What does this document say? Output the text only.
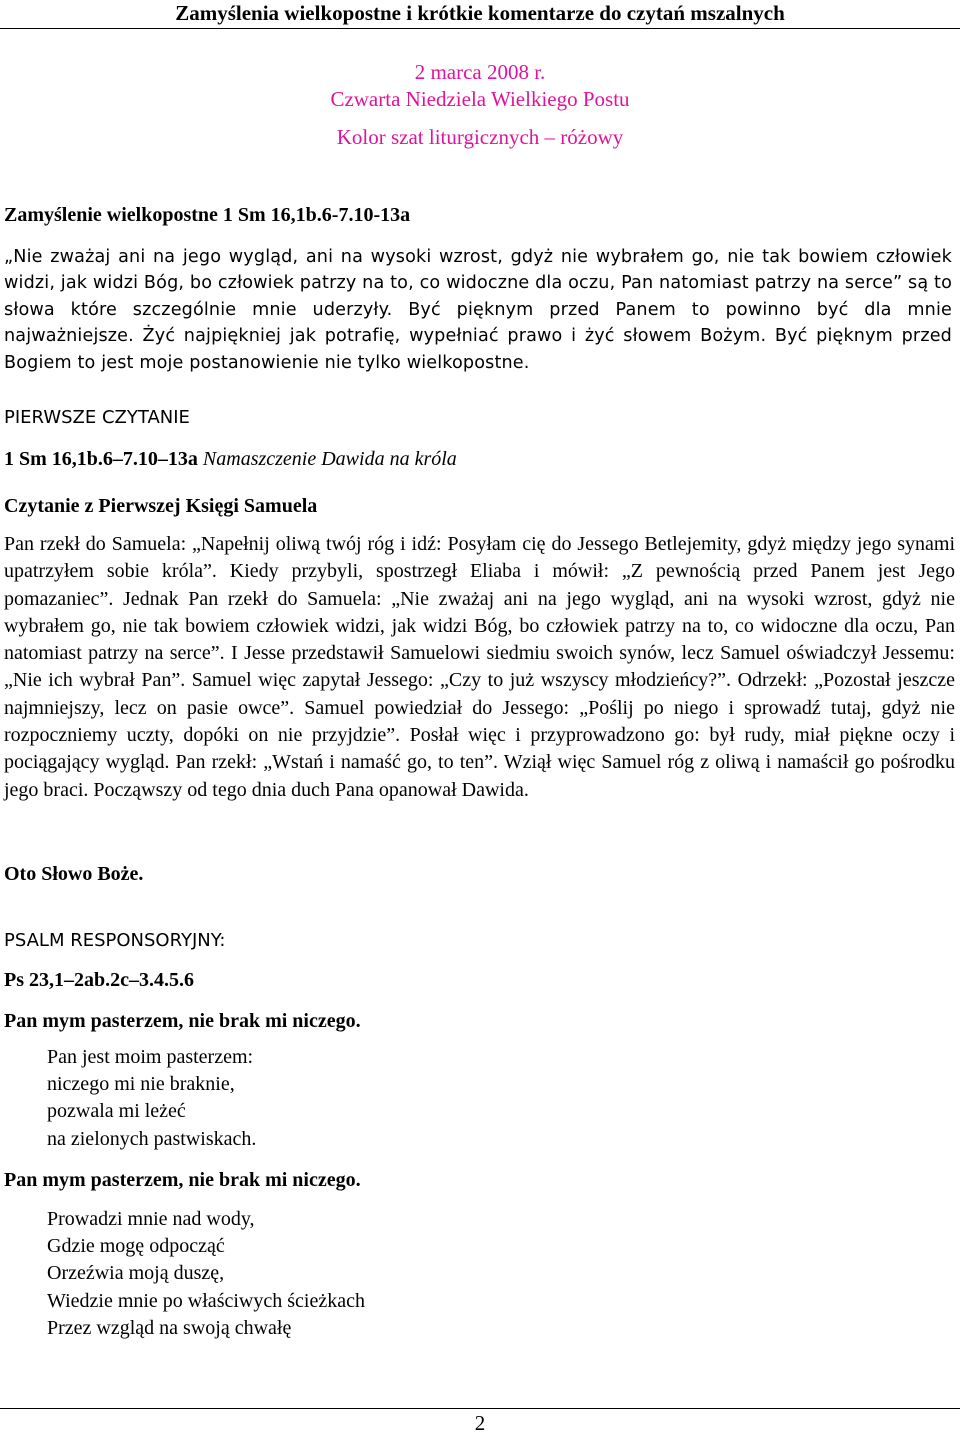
Zamyślenia wielkopostne i krótkie komentarze do czytań mszalnych
2 marca 2008 r.
Czwarta Niedziela Wielkiego Postu
Kolor szat liturgicznych – różowy
Zamyślenie wielkopostne 1 Sm 16,1b.6-7.10-13a
„Nie zważaj ani na jego wygląd, ani na wysoki wzrost, gdyż nie wybrałem go, nie tak bowiem człowiek widzi, jak widzi Bóg, bo człowiek patrzy na to, co widoczne dla oczu, Pan natomiast patrzy na serce” są to słowa które szczególnie mnie uderzyły. Być pięknym przed Panem to powinno być dla mnie najważniejsze. Żyć najpiękniej jak potrafię, wypełniać prawo i żyć słowem Bożym. Być pięknym przed Bogiem to jest moje postanowienie nie tylko wielkopostne.
PIERWSZE CZYTANIE
1 Sm 16,1b.6–7.10–13a Namaszczenie Dawida na króla
Czytanie z Pierwszej Księgi Samuela
Pan rzekł do Samuela: „Napełnij oliwą twój róg i idź: Posyłam cię do Jessego Betlejemity, gdyż między jego synami upatrzyłem sobie króla”. Kiedy przybyli, spostrzegł Eliaba i mówił: „Z pewnością przed Panem jest Jego pomazaniec”. Jednak Pan rzekł do Samuela: „Nie zważaj ani na jego wygląd, ani na wysoki wzrost, gdyż nie wybrałem go, nie tak bowiem człowiek widzi, jak widzi Bóg, bo człowiek patrzy na to, co widoczne dla oczu, Pan natomiast patrzy na serce”. I Jesse przedstawił Samuelowi siedmiu swoich synów, lecz Samuel oświadczył Jessemu: „Nie ich wybrał Pan”. Samuel więc zapytał Jessego: „Czy to już wszyscy młodzieńcy?”. Odrzekł: „Pozostał jeszcze najmniejszy, lecz on pasie owce”. Samuel powiedział do Jessego: „Poślij po niego i sprowadź tutaj, gdyż nie rozpoczniemy uczty, dopóki on nie przyjdzie”. Posłał więc i przyprowadzono go: był rudy, miał piękne oczy i pociągający wygląd. Pan rzekł: „Wstań i namaść go, to ten”. Wziął więc Samuel róg z oliwą i namaścił go pośrodku jego braci. Począwszy od tego dnia duch Pana opanował Dawida.
Oto Słowo Boże.
PSALM RESPONSORYJNY:
Ps 23,1–2ab.2c–3.4.5.6
Pan mym pasterzem, nie brak mi niczego.
Pan jest moim pasterzem:
niczego mi nie braknie,
pozwala mi leżeć
na zielonych pastwiskach.
Pan mym pasterzem, nie brak mi niczego.
Prowadzi mnie nad wody,
Gdzie mogę odpocząć
Orzeźwia moją duszę,
Wiedzie mnie po właściwych ścieżkach
Przez wzgląd na swoją chwałę
2
